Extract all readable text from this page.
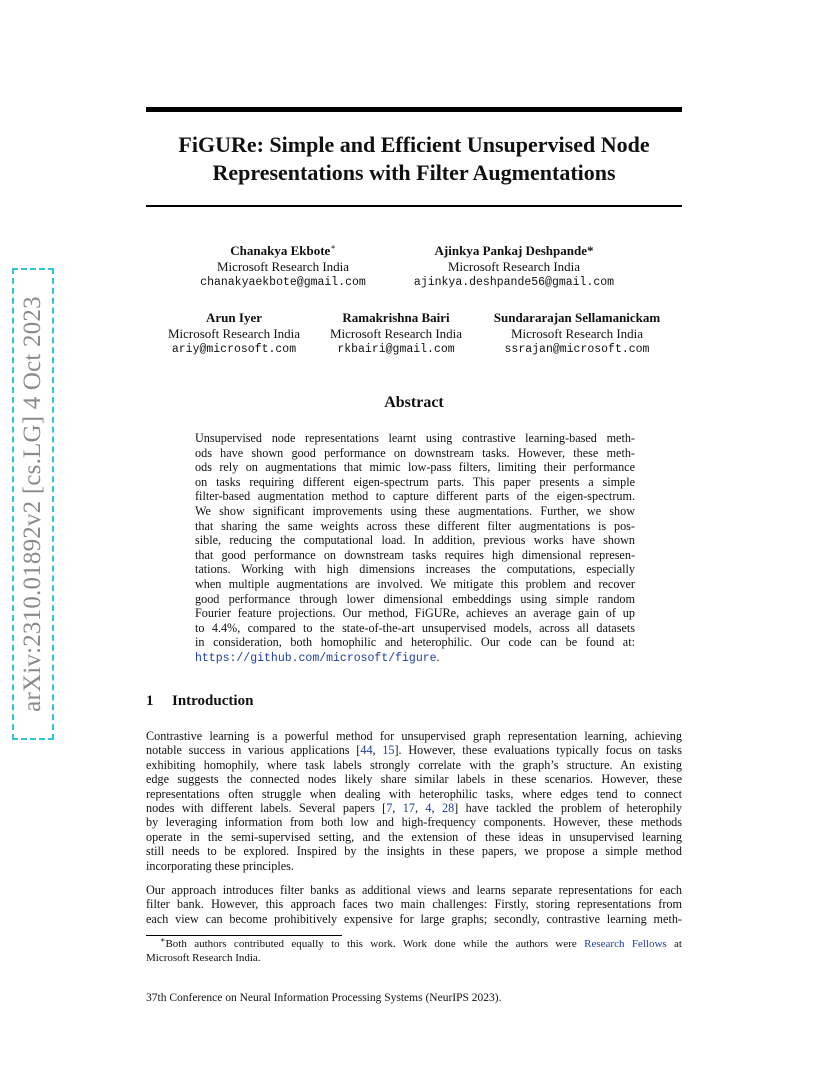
arXiv:2310.01892v2 [cs.LG] 4 Oct 2023
FiGURe: Simple and Efficient Unsupervised Node
Representations with Filter Augmentations
Chanakya Ekbote∗
Microsoft Research India
chanakyaekbote@gmail.com
Ajinkya Pankaj Deshpande*
Microsoft Research India
ajinkya.deshpande56@gmail.com
Arun Iyer
Microsoft Research India
ariy@microsoft.com
Ramakrishna Bairi
Microsoft Research India
rkbairi@gmail.com
Sundararajan Sellamanickam
Microsoft Research India
ssrajan@microsoft.com
Abstract
Unsupervised node representations learnt using contrastive learning-based meth-
ods have shown good performance on downstream tasks. However, these meth-
ods rely on augmentations that mimic low-pass filters, limiting their performance
on tasks requiring different eigen-spectrum parts. This paper presents a simple
filter-based augmentation method to capture different parts of the eigen-spectrum.
We show significant improvements using these augmentations. Further, we show
that sharing the same weights across these different filter augmentations is pos-
sible, reducing the computational load. In addition, previous works have shown
that good performance on downstream tasks requires high dimensional represen-
tations. Working with high dimensions increases the computations, especially
when multiple augmentations are involved. We mitigate this problem and recover
good performance through lower dimensional embeddings using simple random
Fourier feature projections. Our method, FiGURe, achieves an average gain of up
to 4.4%, compared to the state-of-the-art unsupervised models, across all datasets
in consideration, both homophilic and heterophilic. Our code can be found at:
https://github.com/microsoft/figure.
1 Introduction
Contrastive learning is a powerful method for unsupervised graph representation learning, achieving
notable success in various applications [44, 15]. However, these evaluations typically focus on tasks
exhibiting homophily, where task labels strongly correlate with the graph’s structure. An existing
edge suggests the connected nodes likely share similar labels in these scenarios. However, these
representations often struggle when dealing with heterophilic tasks, where edges tend to connect
nodes with different labels. Several papers [7, 17, 4, 28] have tackled the problem of heterophily
by leveraging information from both low and high-frequency components. However, these methods
operate in the semi-supervised setting, and the extension of these ideas in unsupervised learning
still needs to be explored. Inspired by the insights in these papers, we propose a simple method
incorporating these principles.
Our approach introduces filter banks as additional views and learns separate representations for each
filter bank. However, this approach faces two main challenges: Firstly, storing representations from
each view can become prohibitively expensive for large graphs; secondly, contrastive learning meth-
∗Both authors contributed equally to this work. Work done while the authors were Research Fellows at
Microsoft Research India.
37th Conference on Neural Information Processing Systems (NeurIPS 2023).
